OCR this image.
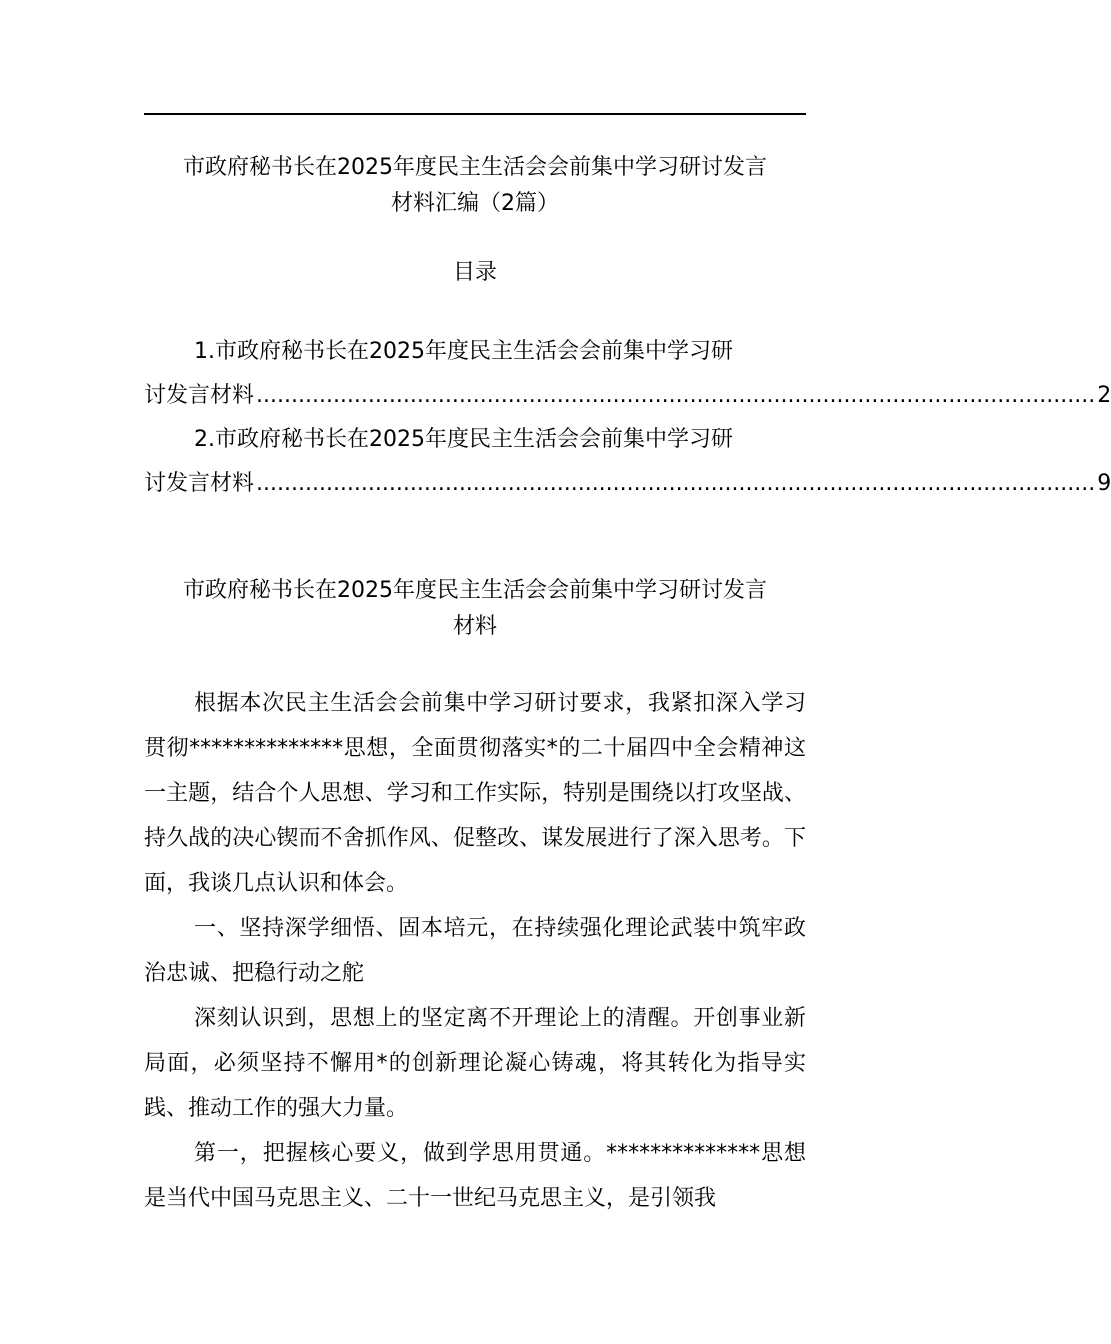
市政府秘书长在2025年度民主生活会会前集中学习研讨发言
材料汇编（2篇）
目录
1.市政府秘书长在2025年度民主生活会会前集中学习研
讨发言材料 ........................................................................................................................ 2
2.市政府秘书长在2025年度民主生活会会前集中学习研
讨发言材料 ........................................................................................................................ 9
市政府秘书长在2025年度民主生活会会前集中学习研讨发言
材料

根据本次民主生活会会前集中学习研讨要求，我紧扣深入学习贯彻**************思想，全面贯彻落实*的二十届四中全会精神这一主题，结合个人思想、学习和工作实际，特别是围绕以打攻坚战、持久战的决心锲而不舍抓作风、促整改、谋发展进行了深入思考。下面，我谈几点认识和体会。

一、坚持深学细悟、固本培元，在持续强化理论武装中筑牢政治忠诚、把稳行动之舵

深刻认识到，思想上的坚定离不开理论上的清醒。开创事业新局面，必须坚持不懈用*的创新理论凝心铸魂，将其转化为指导实践、推动工作的强大力量。

第一，把握核心要义，做到学思用贯通。**************思想是当代中国马克思主义、二十一世纪马克思主义，是引领我
